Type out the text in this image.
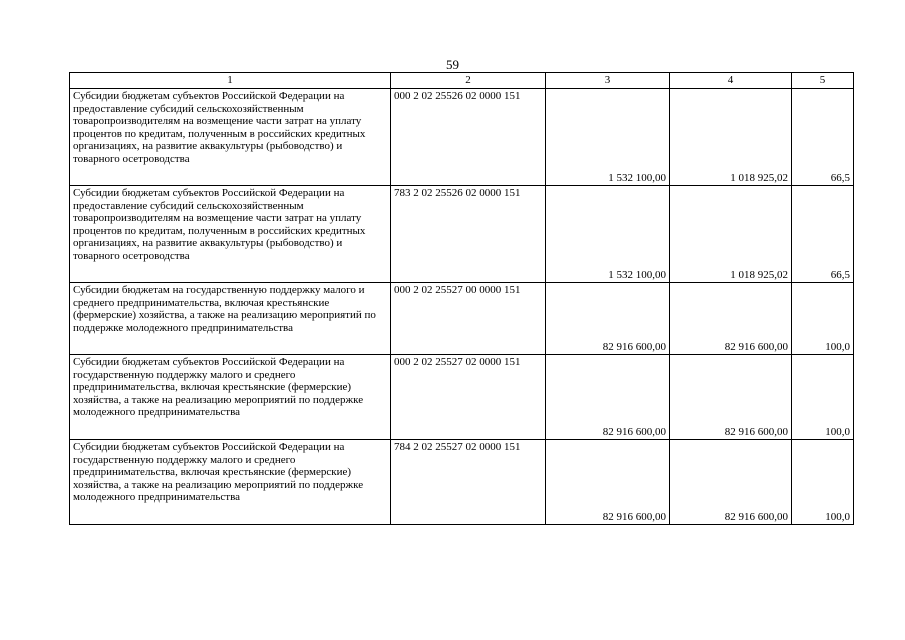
59
1	2	3	4	5
Субсидии бюджетам субъектов Российской Федерации на предоставление субсидий сельскохозяйственным товаропроизводителям на возмещение части затрат на уплату процентов по кредитам, полученным в российских кредитных организациях, на развитие аквакультуры (рыбоводство) и товарного осетроводства	000 2 02 25526 02 0000 151	1 532 100,00	1 018 925,02	66,5
Субсидии бюджетам субъектов Российской Федерации на предоставление субсидий сельскохозяйственным товаропроизводителям на возмещение части затрат на уплату процентов по кредитам, полученным в российских кредитных организациях, на развитие аквакультуры (рыбоводство) и товарного осетроводства	783 2 02 25526 02 0000 151	1 532 100,00	1 018 925,02	66,5
Субсидии бюджетам на государственную поддержку малого и среднего предпринимательства, включая крестьянские (фермерские) хозяйства, а также на реализацию мероприятий по поддержке молодежного предпринимательства	000 2 02 25527 00 0000 151	82 916 600,00	82 916 600,00	100,0
Субсидии бюджетам субъектов Российской Федерации на государственную поддержку малого и среднего предпринимательства, включая крестьянские (фермерские) хозяйства, а также на реализацию мероприятий по поддержке молодежного предпринимательства	000 2 02 25527 02 0000 151	82 916 600,00	82 916 600,00	100,0
Субсидии бюджетам субъектов Российской Федерации на государственную поддержку малого и среднего предпринимательства, включая крестьянские (фермерские) хозяйства, а также на реализацию мероприятий по поддержке молодежного предпринимательства	784 2 02 25527 02 0000 151	82 916 600,00	82 916 600,00	100,0
